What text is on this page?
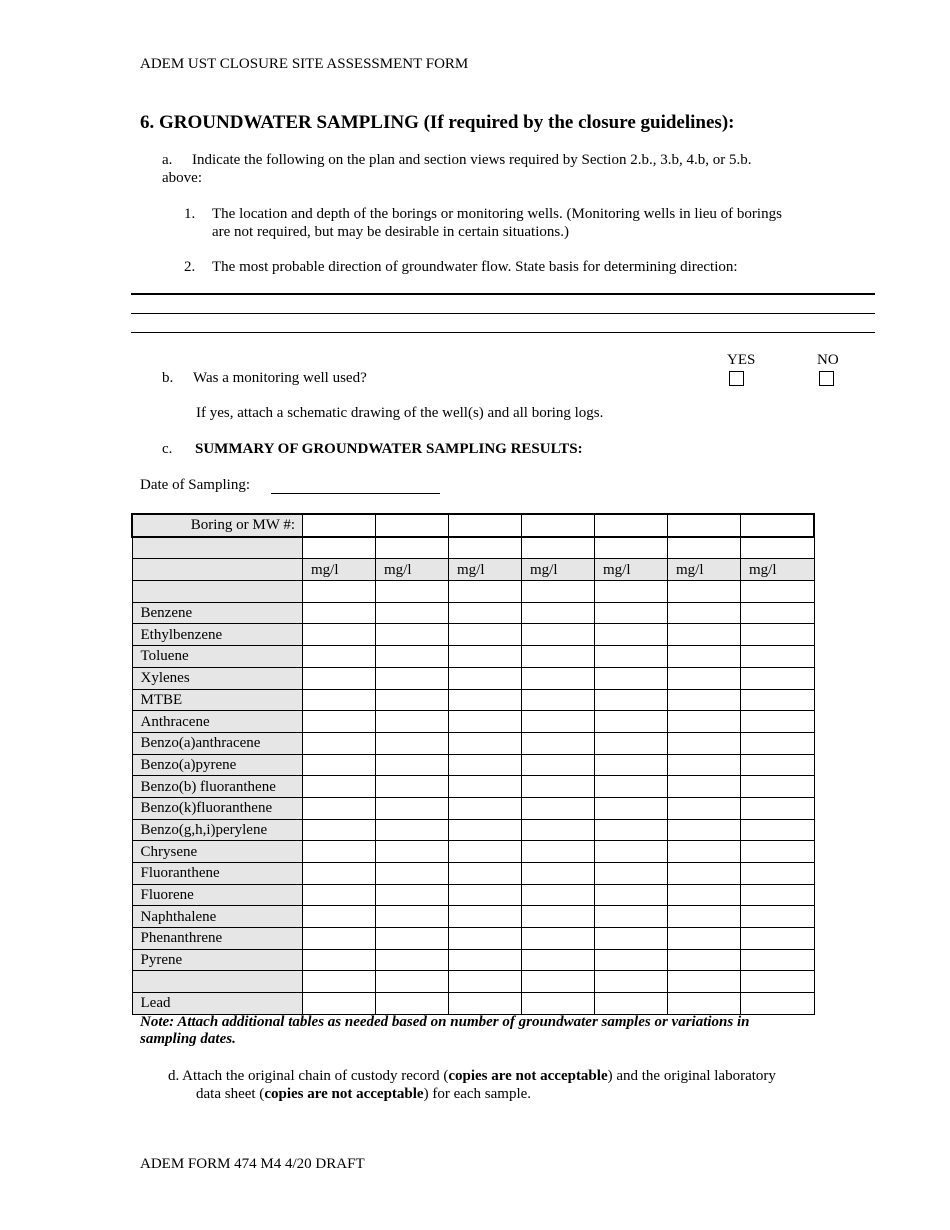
ADEM UST CLOSURE SITE ASSESSMENT FORM
6. GROUNDWATER SAMPLING (If required by the closure guidelines):
a. Indicate the following on the plan and section views required by Section 2.b., 3.b, 4.b, or 5.b.
above:
1. The location and depth of the borings or monitoring wells. (Monitoring wells in lieu of borings
are not required, but may be desirable in certain situations.)
2. The most probable direction of groundwater flow. State basis for determining direction:
YES	NO
b. Was a monitoring well used?
If yes, attach a schematic drawing of the well(s) and all boring logs.
c. SUMMARY OF GROUNDWATER SAMPLING RESULTS:
Date of Sampling:
Boring or MW #:							

	mg/l	mg/l	mg/l	mg/l	mg/l	mg/l	mg/l

Benzene							
Ethylbenzene							
Toluene							
Xylenes							
MTBE							
Anthracene							
Benzo(a)anthracene							
Benzo(a)pyrene							
Benzo(b) fluoranthene							
Benzo(k)fluoranthene							
Benzo(g,h,i)perylene							
Chrysene							
Fluoranthene							
Fluorene							
Naphthalene							
Phenanthrene							
Pyrene							

Lead							
Note: Attach additional tables as needed based on number of groundwater samples or variations in sampling dates.
d. Attach the original chain of custody record (copies are not acceptable) and the original laboratory
data sheet (copies are not acceptable) for each sample.
ADEM FORM 474 M4 4/20 DRAFT
